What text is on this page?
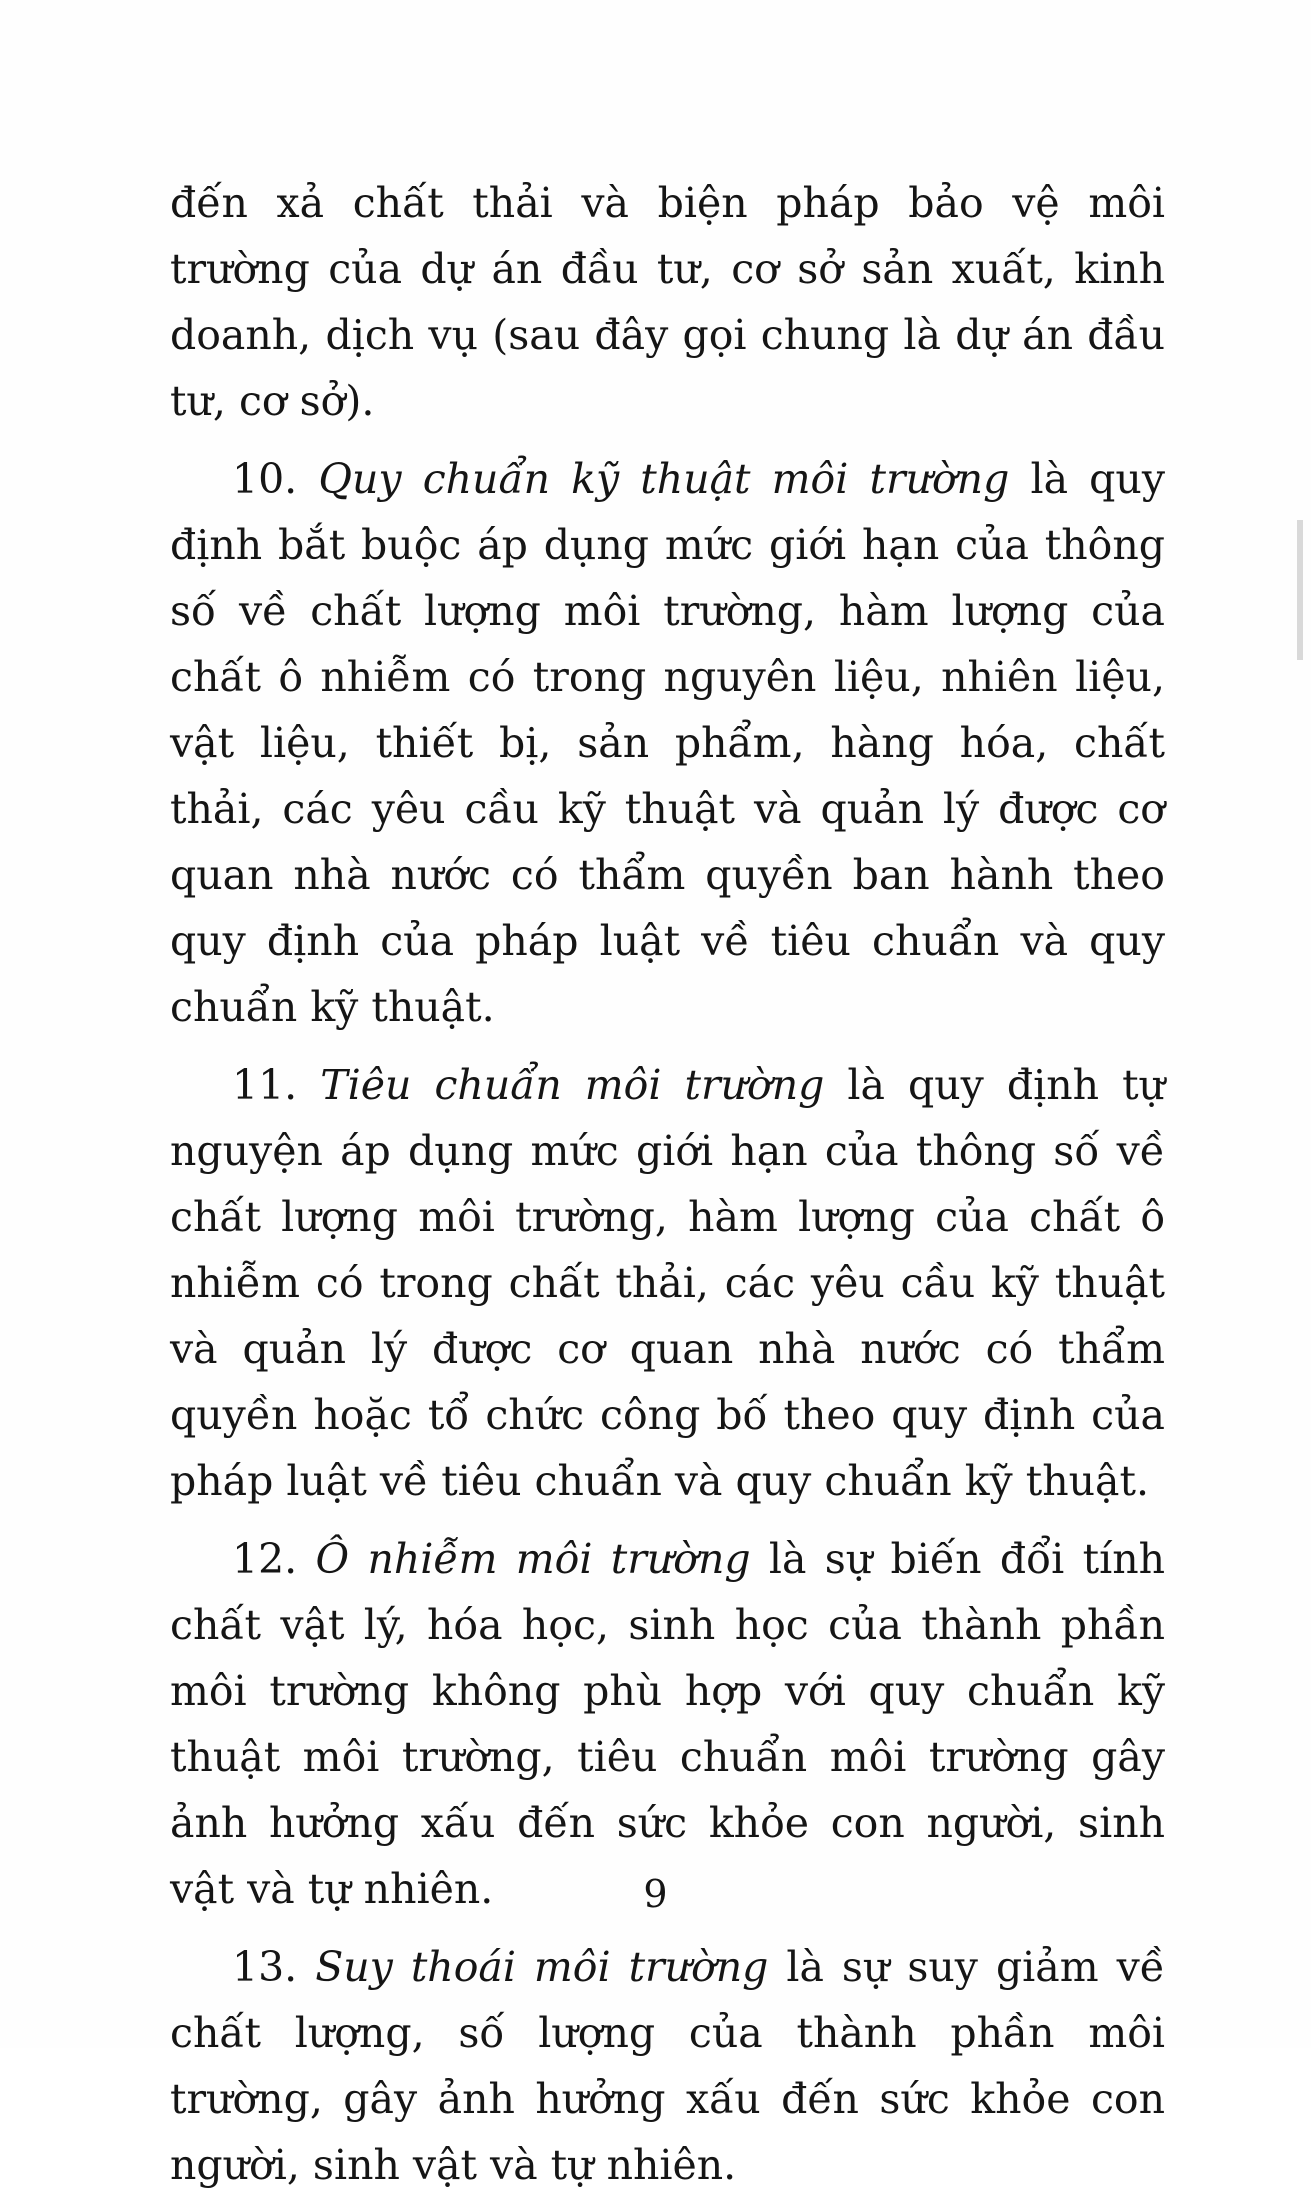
đến xả chất thải và biện pháp bảo vệ môi trường của dự án đầu tư, cơ sở sản xuất, kinh doanh, dịch vụ (sau đây gọi chung là dự án đầu tư, cơ sở).

10. Quy chuẩn kỹ thuật môi trường là quy định bắt buộc áp dụng mức giới hạn của thông số về chất lượng môi trường, hàm lượng của chất ô nhiễm có trong nguyên liệu, nhiên liệu, vật liệu, thiết bị, sản phẩm, hàng hóa, chất thải, các yêu cầu kỹ thuật và quản lý được cơ quan nhà nước có thẩm quyền ban hành theo quy định của pháp luật về tiêu chuẩn và quy chuẩn kỹ thuật.

11. Tiêu chuẩn môi trường là quy định tự nguyện áp dụng mức giới hạn của thông số về chất lượng môi trường, hàm lượng của chất ô nhiễm có trong chất thải, các yêu cầu kỹ thuật và quản lý được cơ quan nhà nước có thẩm quyền hoặc tổ chức công bố theo quy định của pháp luật về tiêu chuẩn và quy chuẩn kỹ thuật.

12. Ô nhiễm môi trường là sự biến đổi tính chất vật lý, hóa học, sinh học của thành phần môi trường không phù hợp với quy chuẩn kỹ thuật môi trường, tiêu chuẩn môi trường gây ảnh hưởng xấu đến sức khỏe con người, sinh vật và tự nhiên.

13. Suy thoái môi trường là sự suy giảm về chất lượng, số lượng của thành phần môi trường, gây ảnh hưởng xấu đến sức khỏe con người, sinh vật và tự nhiên.

9
